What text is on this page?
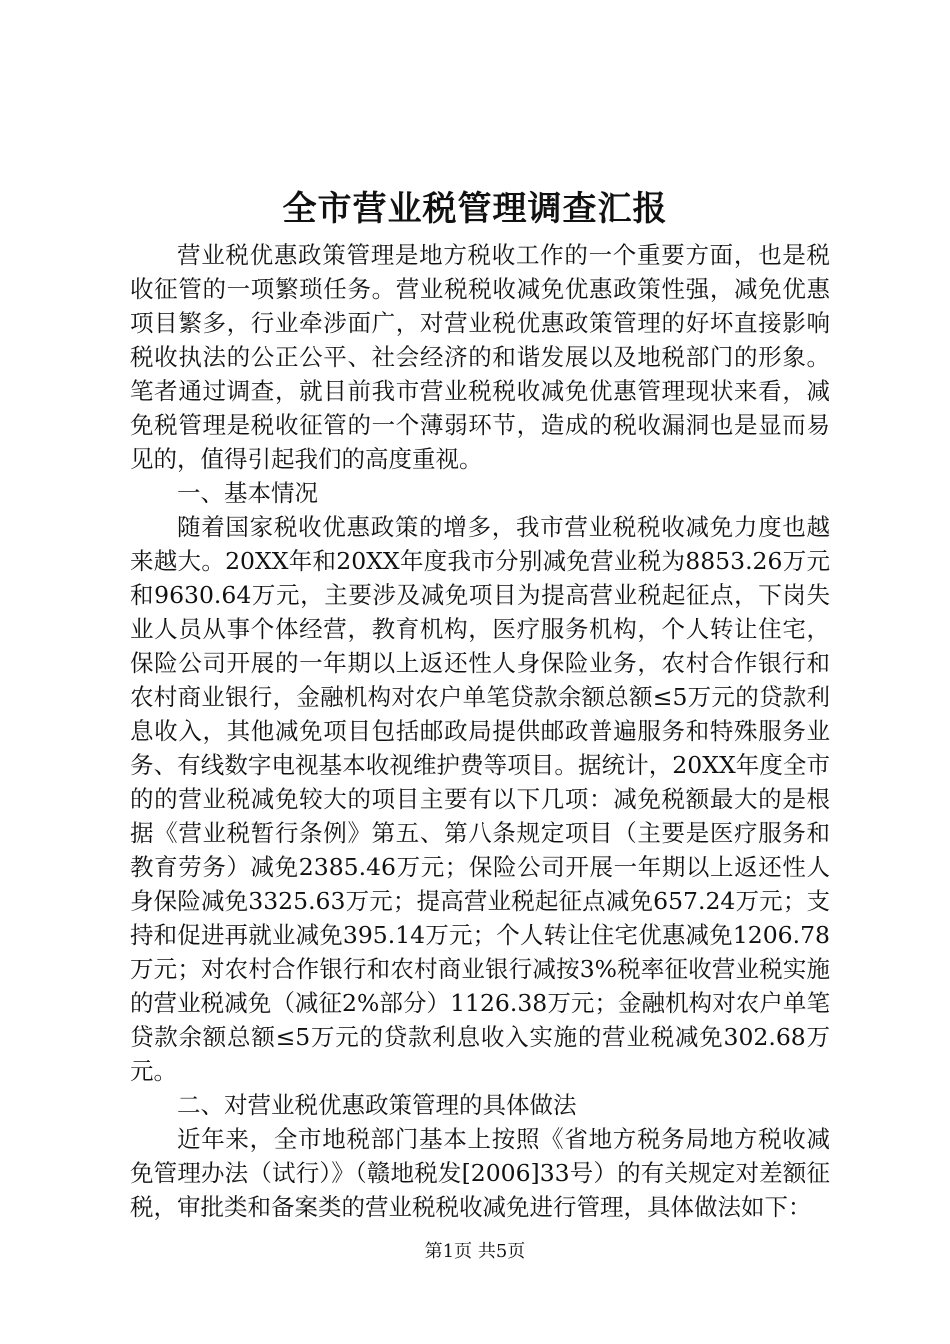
全市营业税管理调查汇报

营业税优惠政策管理是地方税收工作的一个重要方面，也是税收征管的一项繁琐任务。营业税税收减免优惠政策性强，减免优惠项目繁多，行业牵涉面广，对营业税优惠政策管理的好坏直接影响税收执法的公正公平、社会经济的和谐发展以及地税部门的形象。笔者通过调查，就目前我市营业税税收减免优惠管理现状来看，减免税管理是税收征管的一个薄弱环节，造成的税收漏洞也是显而易见的，值得引起我们的高度重视。

一、基本情况

随着国家税收优惠政策的增多，我市营业税税收减免力度也越来越大。20XX年和20XX年度我市分别减免营业税为8853.26万元和9630.64万元，主要涉及减免项目为提高营业税起征点，下岗失业人员从事个体经营，教育机构，医疗服务机构，个人转让住宅，保险公司开展的一年期以上返还性人身保险业务，农村合作银行和农村商业银行，金融机构对农户单笔贷款余额总额≤5万元的贷款利息收入，其他减免项目包括邮政局提供邮政普遍服务和特殊服务业务、有线数字电视基本收视维护费等项目。据统计，20XX年度全市的的营业税减免较大的项目主要有以下几项：减免税额最大的是根据《营业税暂行条例》第五、第八条规定项目（主要是医疗服务和教育劳务）减免2385.46万元；保险公司开展一年期以上返还性人身保险减免3325.63万元；提高营业税起征点减免657.24万元；支持和促进再就业减免395.14万元；个人转让住宅优惠减免1206.78万元；对农村合作银行和农村商业银行减按3%税率征收营业税实施的营业税减免（减征2%部分）1126.38万元；金融机构对农户单笔贷款余额总额≤5万元的贷款利息收入实施的营业税减免302.68万元。

二、对营业税优惠政策管理的具体做法

近年来，全市地税部门基本上按照《省地方税务局地方税收减免管理办法（试行）》（赣地税发[2006]33号）的有关规定对差额征税，审批类和备案类的营业税税收减免进行管理，具体做法如下：

第1页 共5页
